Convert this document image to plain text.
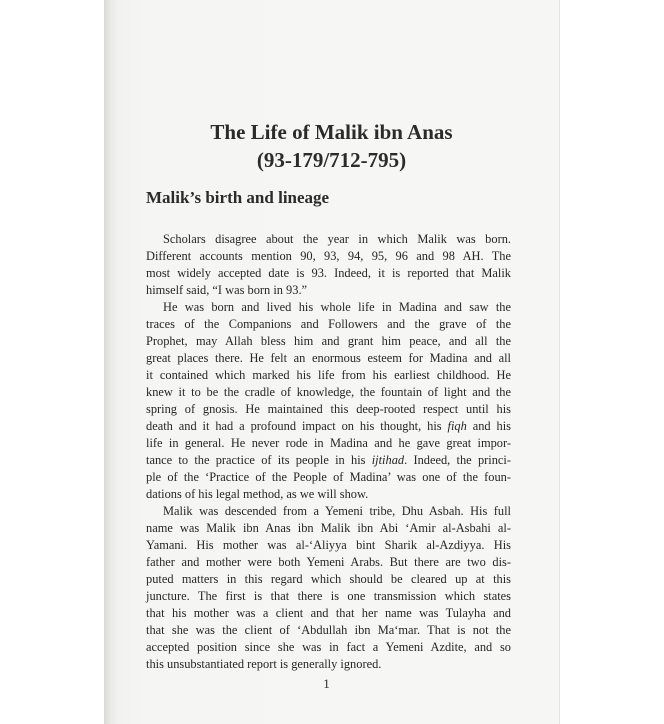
The Life of Malik ibn Anas
(93-179/712-795)
Malik’s birth and lineage
Scholars disagree about the year in which Malik was born.
Different accounts mention 90, 93, 94, 95, 96 and 98 AH. The
most widely accepted date is 93. Indeed, it is reported that Malik
himself said, “I was born in 93.”
He was born and lived his whole life in Madina and saw the
traces of the Companions and Followers and the grave of the
Prophet, may Allah bless him and grant him peace, and all the
great places there. He felt an enormous esteem for Madina and all
it contained which marked his life from his earliest childhood. He
knew it to be the cradle of knowledge, the fountain of light and the
spring of gnosis. He maintained this deep-rooted respect until his
death and it had a profound impact on his thought, his fiqh and his
life in general. He never rode in Madina and he gave great impor-
tance to the practice of its people in his ijtihad. Indeed, the princi-
ple of the ‘Practice of the People of Madina’ was one of the foun-
dations of his legal method, as we will show.
Malik was descended from a Yemeni tribe, Dhu Asbah. His full
name was Malik ibn Anas ibn Malik ibn Abi ‘Amir al-Asbahi al-
Yamani. His mother was al-‘Aliyya bint Sharik al-Azdiyya. His
father and mother were both Yemeni Arabs. But there are two dis-
puted matters in this regard which should be cleared up at this
juncture. The first is that there is one transmission which states
that his mother was a client and that her name was Tulayha and
that she was the client of ‘Abdullah ibn Ma‘mar. That is not the
accepted position since she was in fact a Yemeni Azdite, and so
this unsubstantiated report is generally ignored.
1
